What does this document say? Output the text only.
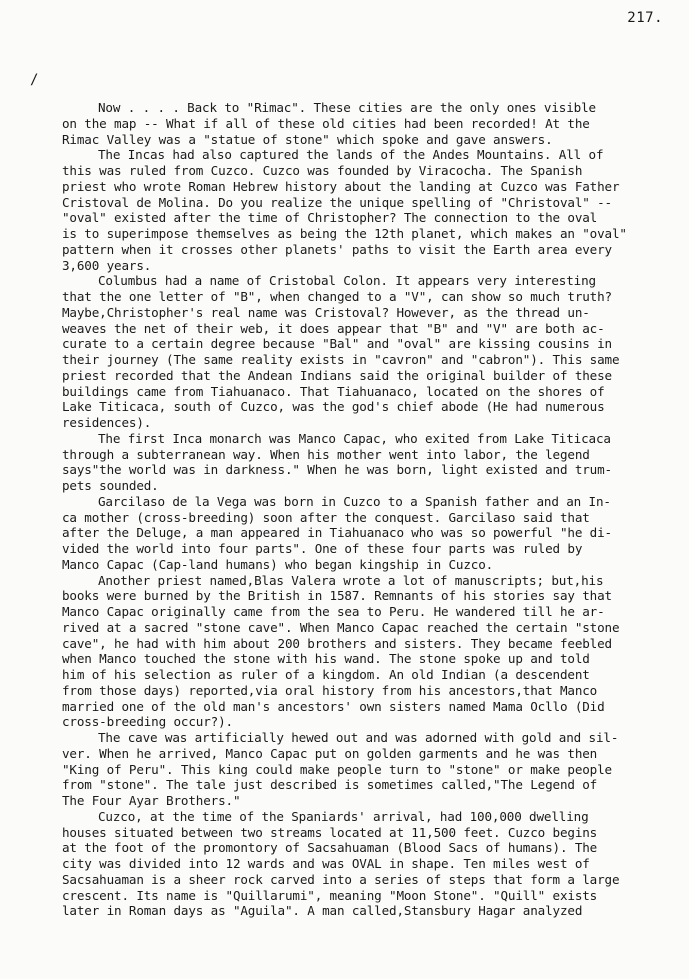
217.
/
Now . . . . Back to "Rimac". These cities are the only ones visible
on the map -- What if all of these old cities had been recorded! At the
Rimac Valley was a "statue of stone" which spoke and gave answers.
The Incas had also captured the lands of the Andes Mountains. All of
this was ruled from Cuzco. Cuzco was founded by Viracocha. The Spanish
priest who wrote Roman Hebrew history about the landing at Cuzco was Father
Cristoval de Molina. Do you realize the unique spelling of "Christoval" --
"oval" existed after the time of Christopher? The connection to the oval
is to superimpose themselves as being the 12th planet, which makes an "oval"
pattern when it crosses other planets' paths to visit the Earth area every
3,600 years.
Columbus had a name of Cristobal Colon. It appears very interesting
that the one letter of "B", when changed to a "V", can show so much truth?
Maybe,Christopher's real name was Cristoval? However, as the thread un-
weaves the net of their web, it does appear that "B" and "V" are both ac-
curate to a certain degree because "Bal" and "oval" are kissing cousins in
their journey (The same reality exists in "cavron" and "cabron"). This same
priest recorded that the Andean Indians said the original builder of these
buildings came from Tiahuanaco. That Tiahuanaco, located on the shores of
Lake Titicaca, south of Cuzco, was the god's chief abode (He had numerous
residences).
The first Inca monarch was Manco Capac, who exited from Lake Titicaca
through a subterranean way. When his mother went into labor, the legend
says"the world was in darkness." When he was born, light existed and trum-
pets sounded.
Garcilaso de la Vega was born in Cuzco to a Spanish father and an In-
ca mother (cross-breeding) soon after the conquest. Garcilaso said that
after the Deluge, a man appeared in Tiahuanaco who was so powerful "he di-
vided the world into four parts". One of these four parts was ruled by
Manco Capac (Cap-land humans) who began kingship in Cuzco.
Another priest named,Blas Valera wrote a lot of manuscripts; but,his
books were burned by the British in 1587. Remnants of his stories say that
Manco Capac originally came from the sea to Peru. He wandered till he ar-
rived at a sacred "stone cave". When Manco Capac reached the certain "stone
cave", he had with him about 200 brothers and sisters. They became feebled
when Manco touched the stone with his wand. The stone spoke up and told
him of his selection as ruler of a kingdom. An old Indian (a descendent
from those days) reported,via oral history from his ancestors,that Manco
married one of the old man's ancestors' own sisters named Mama Ocllo (Did
cross-breeding occur?).
The cave was artificially hewed out and was adorned with gold and sil-
ver. When he arrived, Manco Capac put on golden garments and he was then
"King of Peru". This king could make people turn to "stone" or make people
from "stone". The tale just described is sometimes called,"The Legend of
The Four Ayar Brothers."
Cuzco, at the time of the Spaniards' arrival, had 100,000 dwelling
houses situated between two streams located at 11,500 feet. Cuzco begins
at the foot of the promontory of Sacsahuaman (Blood Sacs of humans). The
city was divided into 12 wards and was OVAL in shape. Ten miles west of
Sacsahuaman is a sheer rock carved into a series of steps that form a large
crescent. Its name is "Quillarumi", meaning "Moon Stone". "Quill" exists
later in Roman days as "Aguila". A man called,Stansbury Hagar analyzed
